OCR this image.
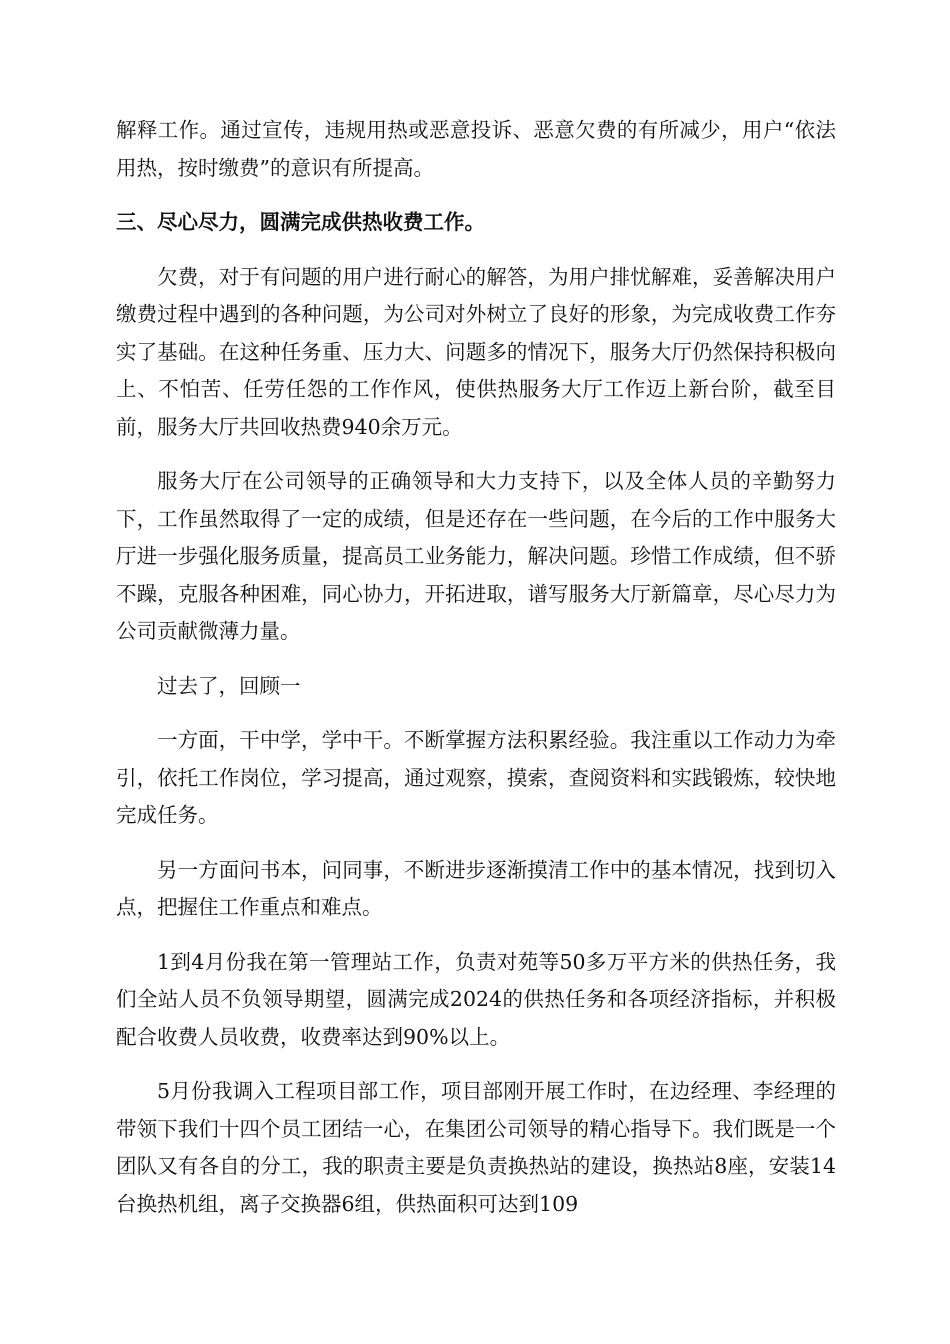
解释工作。通过宣传，违规用热或恶意投诉、恶意欠费的有所减少，用户“依法用热，按时缴费”的意识有所提高。

三、尽心尽力，圆满完成供热收费工作。

欠费，对于有问题的用户进行耐心的解答，为用户排忧解难，妥善解决用户缴费过程中遇到的各种问题，为公司对外树立了良好的形象，为完成收费工作夯实了基础。在这种任务重、压力大、问题多的情况下，服务大厅仍然保持积极向上、不怕苦、任劳任怨的工作作风，使供热服务大厅工作迈上新台阶，截至目前，服务大厅共回收热费940余万元。

服务大厅在公司领导的正确领导和大力支持下，以及全体人员的辛勤努力下，工作虽然取得了一定的成绩，但是还存在一些问题，在今后的工作中服务大厅进一步强化服务质量，提高员工业务能力，解决问题。珍惜工作成绩，但不骄不躁，克服各种困难，同心协力，开拓进取，谱写服务大厅新篇章，尽心尽力为公司贡献微薄力量。

过去了，回顾一

一方面，干中学，学中干。不断掌握方法积累经验。我注重以工作动力为牵引，依托工作岗位，学习提高，通过观察，摸索，查阅资料和实践锻炼，较快地完成任务。

另一方面问书本，问同事，不断进步逐渐摸清工作中的基本情况，找到切入点，把握住工作重点和难点。

1到4月份我在第一管理站工作，负责对苑等50多万平方米的供热任务，我们全站人员不负领导期望，圆满完成2024的供热任务和各项经济指标，并积极配合收费人员收费，收费率达到90%以上。

5月份我调入工程项目部工作，项目部刚开展工作时，在边经理、李经理的带领下我们十四个员工团结一心，在集团公司领导的精心指导下。我们既是一个团队又有各自的分工，我的职责主要是负责换热站的建设，换热站8座，安装14台换热机组，离子交换器6组，供热面积可达到109
